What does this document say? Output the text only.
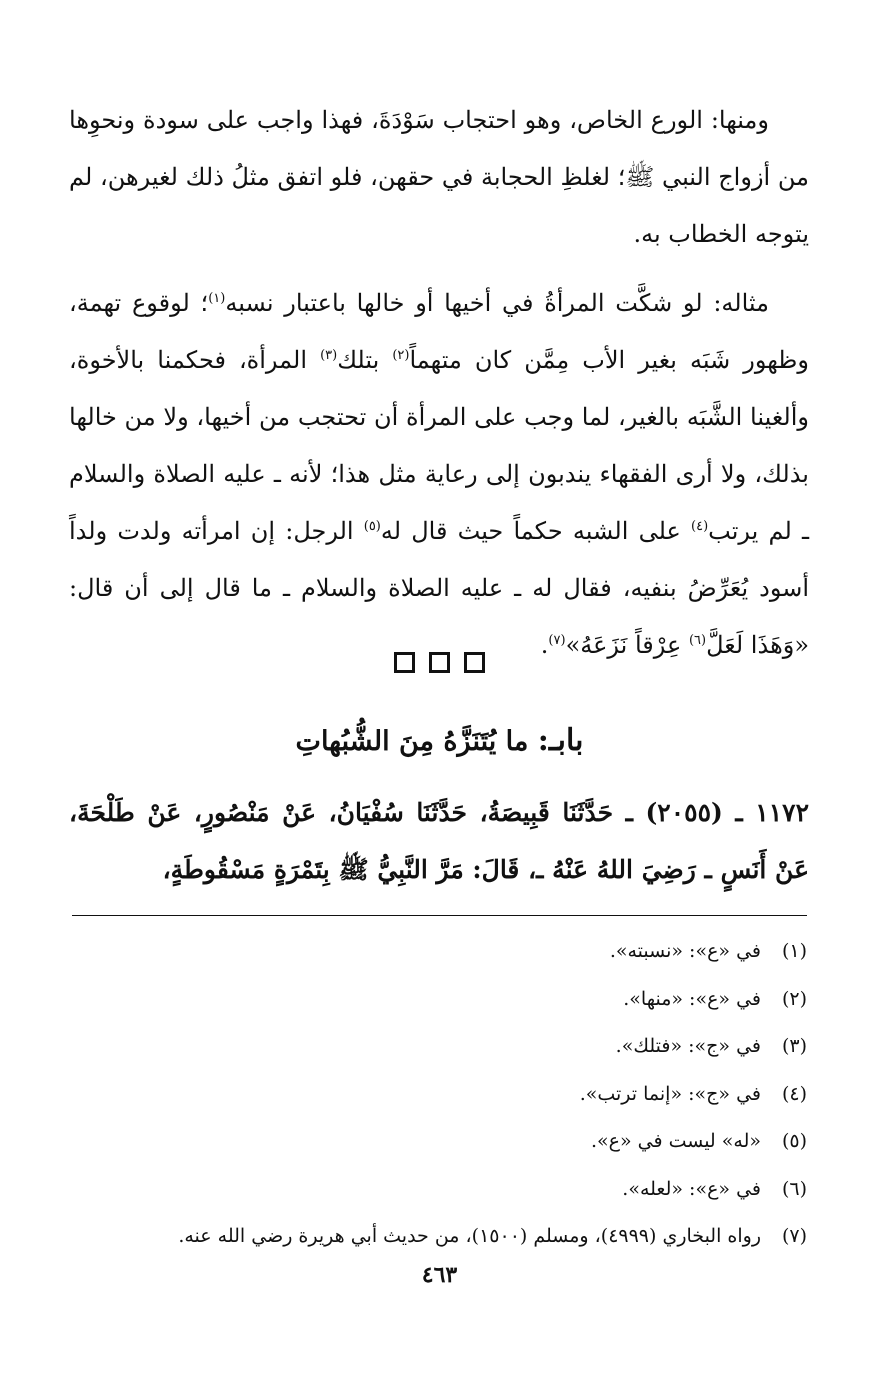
ومنها: الورع الخاص، وهو احتجاب سَوْدَةَ، فهذا واجب على سودة ونحوِها من أزواج النبي ﷺ؛ لغلظِ الحجابة في حقهن، فلو اتفق مثلُ ذلك لغيرهن، لم يتوجه الخطاب به.

مثاله: لو شكَّت المرأةُ في أخيها أو خالها باعتبار نسبه$^{(١)}$؛ لوقوع تهمة، وظهور شَبَه بغير الأب مِمَّن كان متهماً$^{(٢)}$ بتلك$^{(٣)}$ المرأة، فحكمنا بالأخوة، وألغينا الشَّبَه بالغير، لما وجب على المرأة أن تحتجب من أخيها، ولا من خالها بذلك، ولا أرى الفقهاء يندبون إلى رعاية مثل هذا؛ لأنه ـ عليه الصلاة والسلام ـ لم يرتب$^{(٤)}$ على الشبه حكماً حيث قال له$^{(٥)}$ الرجل: إن امرأته ولدت ولداً أسود يُعَرِّضُ بنفيه، فقال له ـ عليه الصلاة والسلام ـ ما قال إلى أن قال: «وَهَذَا لَعَلَّ$^{(٦)}$ عِرْقاً نَزَعَهُ»$^{(٧)}$.

بابـ: ما يُتَنَزَّهُ مِنَ الشُّبُهاتِ

١١٧٢ ـ (٢٠٥٥) ـ حَدَّثَنَا قَبِيصَةُ، حَدَّثَنَا سُفْيَانُ، عَنْ مَنْصُورٍ، عَنْ طَلْحَةَ، عَنْ أَنَسٍ ـ رَضِيَ اللهُ عَنْهُ ـ، قَالَ: مَرَّ النَّبِيُّ ﷺ بِتَمْرَةٍ مَسْقُوطَةٍ،

(١)
في «ع»: «نسبته».
(٢)
في «ع»: «منها».
(٣)
في «ج»: «فتلك».
(٤)
في «ج»: «إنما ترتب».
(٥)
«له» ليست في «ع».
(٦)
في «ع»: «لعله».
(٧)
رواه البخاري (٤٩٩٩)، ومسلم (١٥٠٠)، من حديث أبي هريرة رضي الله عنه.
٤٦٣
